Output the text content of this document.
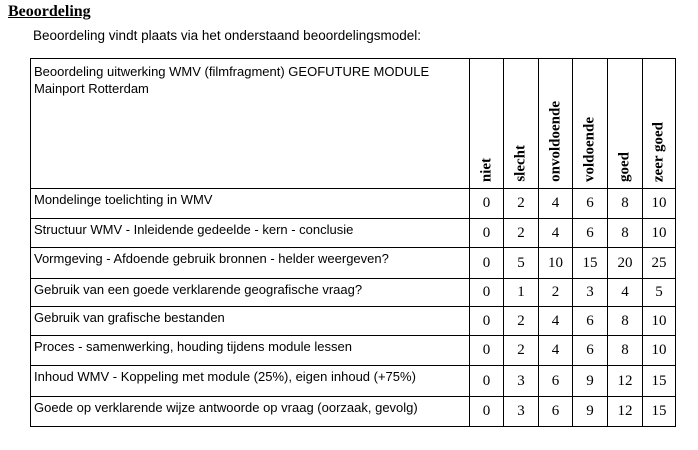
Beoordeling
Beoordeling vindt plaats via het onderstaand beoordelingsmodel:
Beoordeling uitwerking WMV (filmfragment) GEOFUTURE MODULE
Mainport Rotterdam	niet	slecht	onvoldoende	voldoende	goed	zeer goed

Mondelinge toelichting in WMV	0	2	4	6	8	10
Structuur WMV - Inleidende gedeelde - kern - conclusie	0	2	4	6	8	10
Vormgeving - Afdoende gebruik bronnen - helder weergeven?	0	5	10	15	20	25
Gebruik van een goede verklarende geografische vraag?	0	1	2	3	4	5
Gebruik van grafische bestanden	0	2	4	6	8	10
Proces - samenwerking, houding tijdens module lessen	0	2	4	6	8	10
Inhoud WMV - Koppeling met module (25%), eigen inhoud (+75%)	0	3	6	9	12	15
Goede op verklarende wijze antwoorde op vraag (oorzaak, gevolg)	0	3	6	9	12	15
